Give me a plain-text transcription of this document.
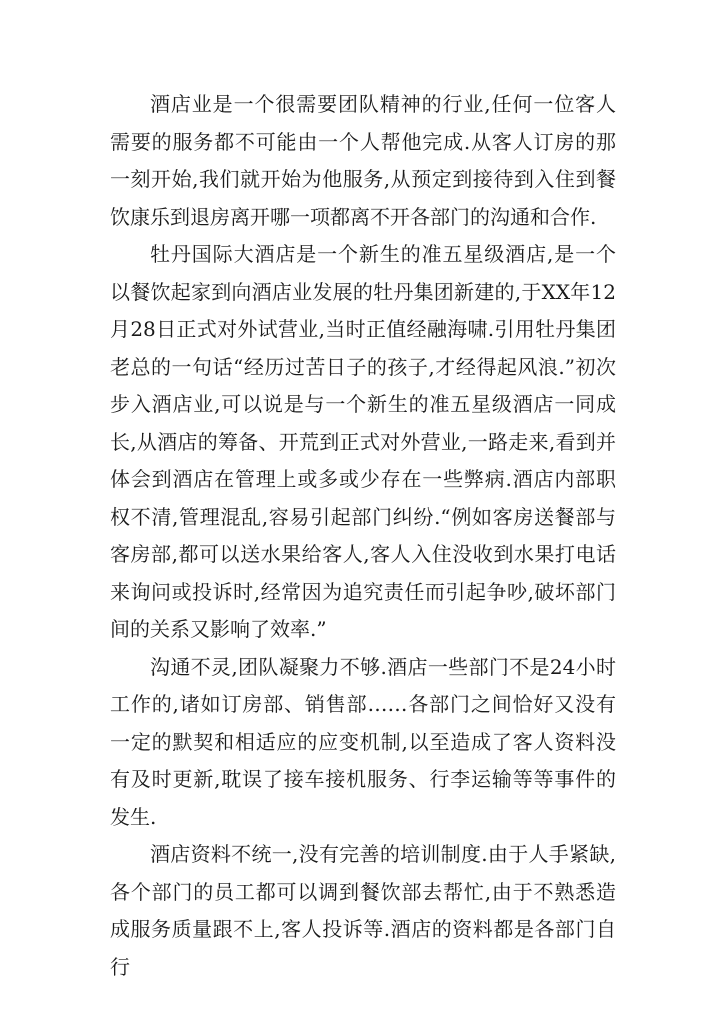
酒店业是一个很需要团队精神的行业,任何一位客人需要的服务都不可能由一个人帮他完成.从客人订房的那一刻开始,我们就开始为他服务,从预定到接待到入住到餐饮康乐到退房离开哪一项都离不开各部门的沟通和合作.

牡丹国际大酒店是一个新生的准五星级酒店,是一个以餐饮起家到向酒店业发展的牡丹集团新建的,于XX年12月28日正式对外试营业,当时正值经融海啸.引用牡丹集团老总的一句话“经历过苦日子的孩子,才经得起风浪.”初次步入酒店业,可以说是与一个新生的准五星级酒店一同成长,从酒店的筹备、开荒到正式对外营业,一路走来,看到并体会到酒店在管理上或多或少存在一些弊病.酒店内部职权不清,管理混乱,容易引起部门纠纷.“例如客房送餐部与客房部,都可以送水果给客人,客人入住没收到水果打电话来询问或投诉时,经常因为追究责任而引起争吵,破坏部门间的关系又影响了效率.”

沟通不灵,团队凝聚力不够.酒店一些部门不是24小时工作的,诸如订房部、销售部……各部门之间恰好又没有一定的默契和相适应的应变机制,以至造成了客人资料没有及时更新,耽误了接车接机服务、行李运输等等事件的发生.

酒店资料不统一,没有完善的培训制度.由于人手紧缺,各个部门的员工都可以调到餐饮部去帮忙,由于不熟悉造成服务质量跟不上,客人投诉等.酒店的资料都是各部门自行
